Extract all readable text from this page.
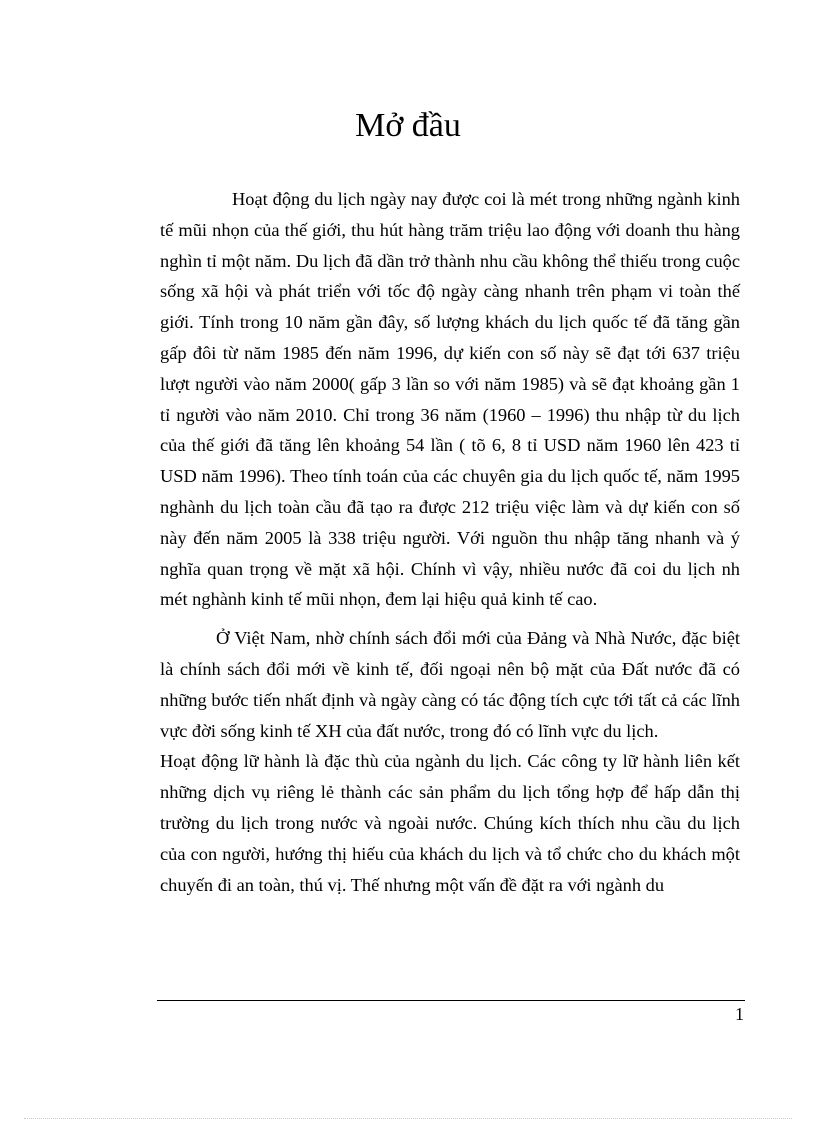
Mở đầu

Hoạt động du lịch ngày nay được coi là mét trong những ngành kinh tế mũi nhọn của thế giới, thu hút hàng trăm triệu lao động với doanh thu hàng nghìn tỉ một năm. Du lịch đã dần trở thành nhu cầu không thể thiếu trong cuộc sống xã hội và phát triển với tốc độ ngày càng nhanh trên phạm vi toàn thế giới. Tính trong 10 năm gần đây, số lượng khách du lịch quốc tế đã tăng gần gấp đôi từ năm 1985 đến năm 1996, dự kiến con số này sẽ đạt tới 637 triệu lượt người vào năm 2000( gấp 3 lần so với năm 1985) và sẽ đạt khoảng gần 1 tỉ người vào năm 2010. Chỉ trong 36 năm (1960 – 1996) thu nhập từ du lịch của thế giới đã tăng lên khoảng 54 lần ( tõ 6, 8 tỉ USD năm 1960 lên 423 tỉ USD năm 1996). Theo tính toán của các chuyên gia du lịch quốc tế, năm 1995 nghành du lịch toàn cầu đã tạo ra được 212 triệu việc làm và dự kiến con số này đến năm 2005 là 338 triệu người. Với nguồn thu nhập tăng nhanh và ý nghĩa quan trọng về mặt xã hội. Chính vì vậy, nhiều nước đã coi du lịch nh mét nghành kinh tế mũi nhọn, đem lại hiệu quả kinh tế cao.

Ở Việt Nam, nhờ chính sách đổi mới của Đảng và Nhà Nước, đặc biệt là chính sách đổi mới về kinh tế, đối ngoại nên bộ mặt của Đất nước đã có những bước tiến nhất định và ngày càng có tác động tích cực tới tất cả các lĩnh vực đời sống kinh tế XH của đất nước, trong đó có lĩnh vực du lịch.

Hoạt động lữ hành là đặc thù của ngành du lịch. Các công ty lữ hành liên kết những dịch vụ riêng lẻ thành các sản phẩm du lịch tổng hợp để hấp dẫn thị trường du lịch trong nước và ngoài nước. Chúng kích thích nhu cầu du lịch của con người, hướng thị hiếu của khách du lịch và tổ chức cho du khách một chuyến đi an toàn, thú vị. Thế nhưng một vấn đề đặt ra với ngành du

1
